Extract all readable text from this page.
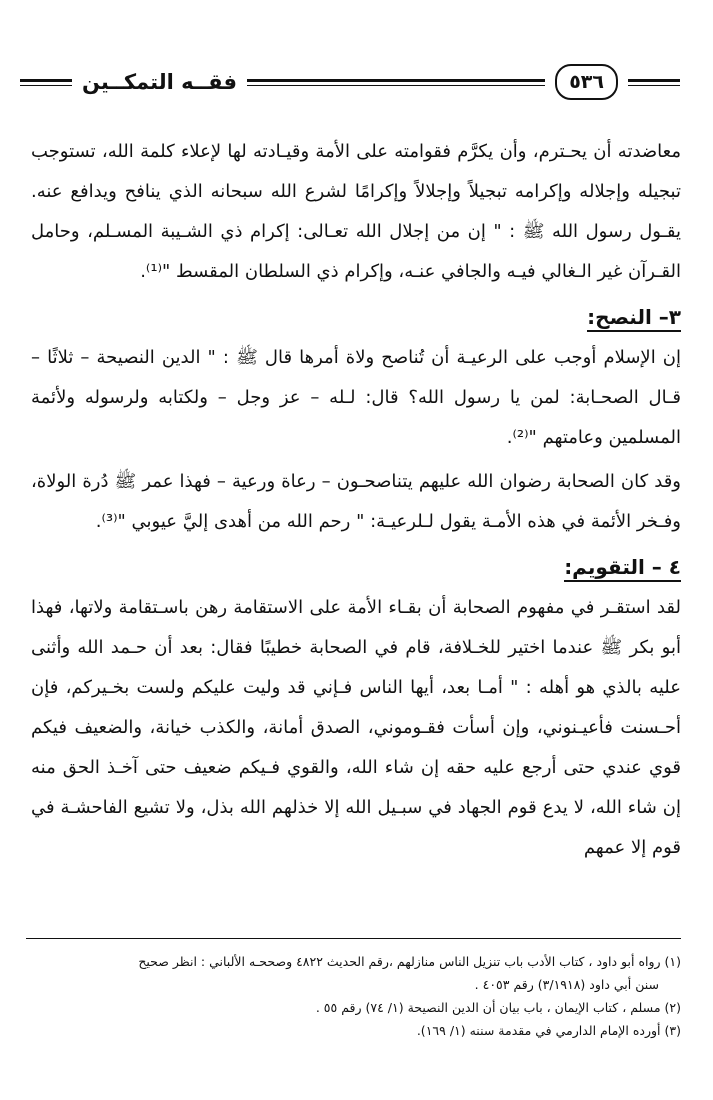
٥٣٦
فقــه التمكــين

معاضدته أن يحـترم، وأن يكرَّم فقوامته على الأمة وقيـادته لها لإعلاء كلمة الله، تستوجب تبجيله وإجلاله وإكرامه تبجيلاً وإجلالاً وإكرامًا لشرع الله سبحانه الذي ينافح ويدافع عنه. يقـول رسول الله ﷺ : " إن من إجلال الله تعـالى: إكرام ذي الشـيبة المسـلم، وحامل القـرآن غير الـغالي فيـه والجافي عنـه، وإكرام ذي السلطان المقسط "⁽¹⁾.

٣– النصح:

إن الإسلام أوجب على الرعيـة أن تُناصح ولاة أمرها قال ﷺ : " الدين النصيحة – ثلاثًا – قـال الصحـابة: لمن يا رسول الله؟ قال: لـله – عز وجل – ولكتابه ولرسوله ولأئمة المسلمين وعامتهم "⁽²⁾.

وقد كان الصحابة رضوان الله عليهم يتناصحـون – رعاة ورعية – فهذا عمر ﷺ دُرة الولاة، وفـخر الأئمة في هذه الأمـة يقول لـلرعيـة: " رحم الله من أهدى إليَّ عيوبي "⁽³⁾.

٤ – التقويم:

لقد استقـر في مفهوم الصحابة أن بقـاء الأمة على الاستقامة رهن باسـتقامة ولاتها، فهذا أبو بكر ﷺ عندما اختير للخـلافة، قام في الصحابة خطيبًا فقال: بعد أن حـمد الله وأثنى عليه بالذي هو أهله : " أمـا بعد، أيها الناس فـإني قد وليت عليكم ولست بخـيركم، فإن أحـسنت فأعيـنوني، وإن أسأت فقـوموني، الصدق أمانة، والكذب خيانة، والضعيف فيكم قوي عندي حتى أرجع عليه حقه إن شاء الله، والقوي فـيكم ضعيف حتى آخـذ الحق منه إن شاء الله، لا يدع قوم الجهاد في سبـيل الله إلا خذلهم الله بذل، ولا تشيع الفاحشـة في قوم إلا عمهم

(١) رواه أبو داود ، كتاب الأدب باب تنزيل الناس منازلهم ،رقم الحديث ٤٨٢٢ وصححـه الألباني : انظر صحيح
سنن أبي داود (٣/١٩١٨) رقم ٤٠٥٣ .

(٢) مسلم ، كتاب الإيمان ، باب بيان أن الدين النصيحة (١/ ٧٤) رقم ٥٥ .

(٣) أورده الإمام الدارمي في مقدمة سننه (١/ ١٦٩).
